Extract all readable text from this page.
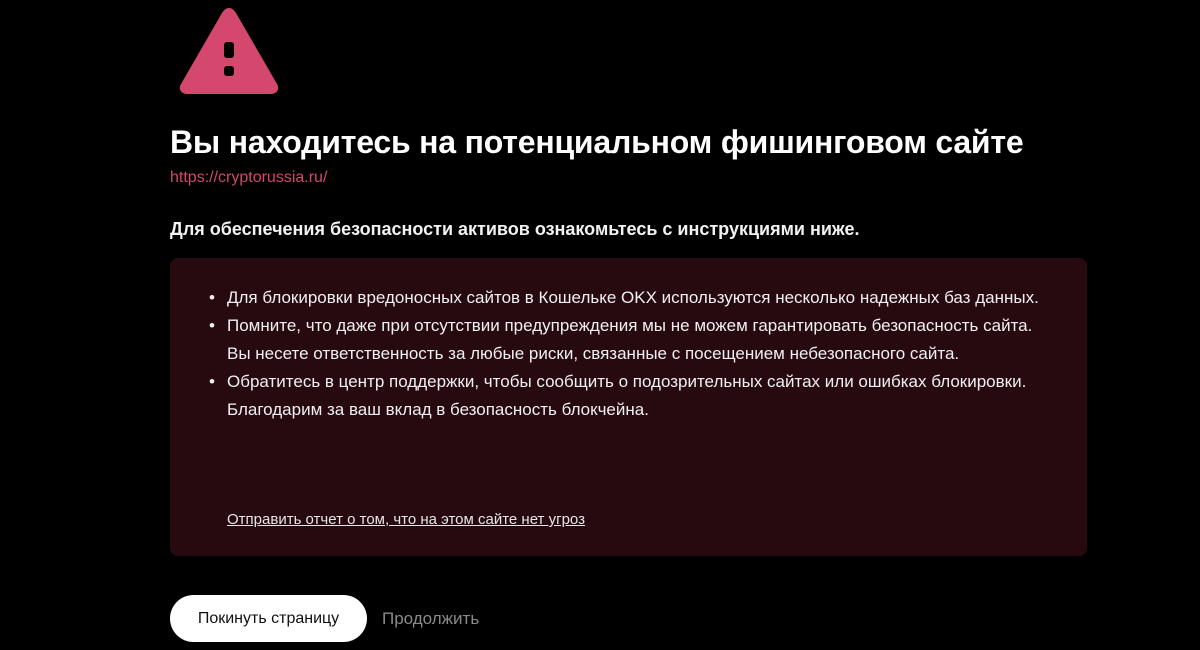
Вы находитесь на потенциальном фишинговом сайте
https://cryptorussia.ru/
Для обеспечения безопасности активов ознакомьтесь с инструкциями ниже.
• Для блокировки вредоносных сайтов в Кошельке OKX используются несколько надежных баз данных.
• Помните, что даже при отсутствии предупреждения мы не можем гарантировать безопасность сайта. Вы несете ответственность за любые риски, связанные с посещением небезопасного сайта.
• Обратитесь в центр поддержки, чтобы сообщить о подозрительных сайтах или ошибках блокировки. Благодарим за ваш вклад в безопасность блокчейна.
Отправить отчет о том, что на этом сайте нет угроз
Покинуть страницу	Продолжить
